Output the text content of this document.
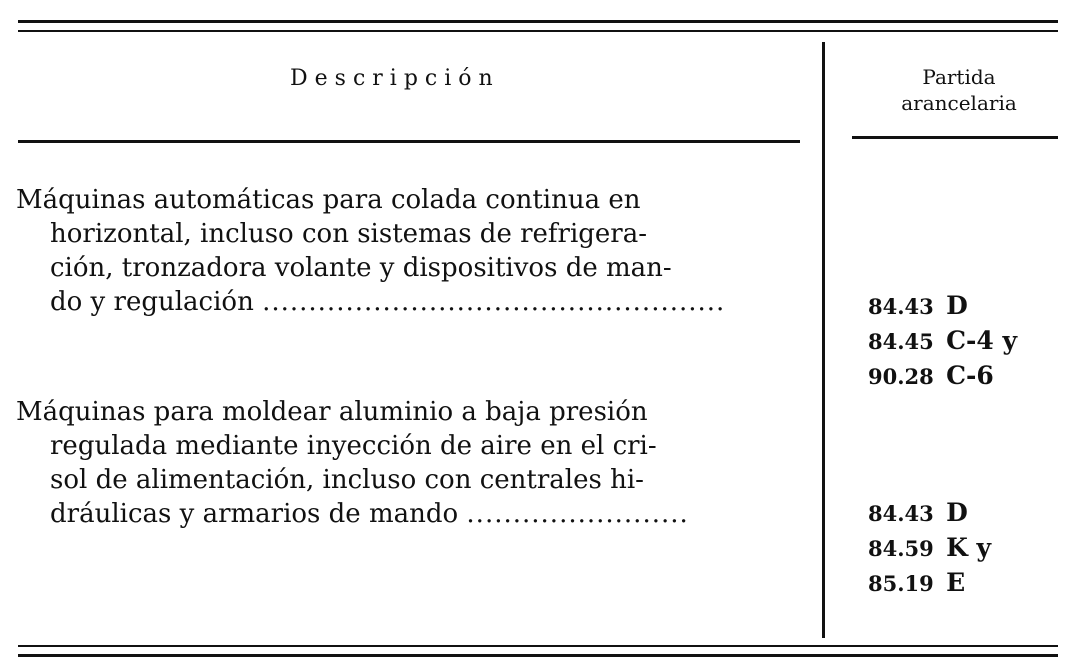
Descripción	Partida
arancelaria
Máquinas automáticas para colada continua en
horizontal, incluso con sistemas de refrigera-
ción, tronzadora volante y dispositivos de man-
do y regulación ..................................................	84.43 D
84.45 C-4 y
90.28 C-6
Máquinas para moldear aluminio a baja presión
regulada mediante inyección de aire en el cri-
sol de alimentación, incluso con centrales hi-
dráulicas y armarios de mando ........................	84.43 D
84.59 K y
85.19 E
